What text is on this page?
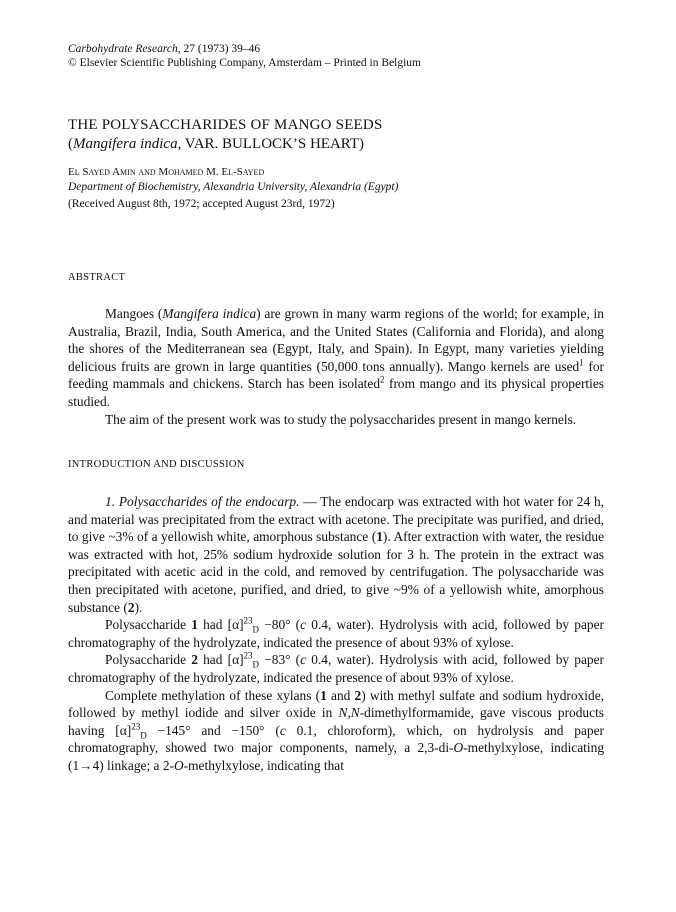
Carbohydrate Research, 27 (1973) 39–46
© Elsevier Scientific Publishing Company, Amsterdam – Printed in Belgium
THE POLYSACCHARIDES OF MANGO SEEDS
(Mangifera indica, VAR. BULLOCK’S HEART)
El Sayed Amin and Mohamed M. El-Sayed
Department of Biochemistry, Alexandria University, Alexandria (Egypt)
(Received August 8th, 1972; accepted August 23rd, 1972)
ABSTRACT

Mangoes (Mangifera indica) are grown in many warm regions of the world; for example, in Australia, Brazil, India, South America, and the United States (California and Florida), and along the shores of the Mediterranean sea (Egypt, Italy, and Spain). In Egypt, many varieties yielding delicious fruits are grown in large quantities (50,000 tons annually). Mango kernels are used$^1$ for feeding mammals and chickens. Starch has been isolated$^2$ from mango and its physical properties studied.

The aim of the present work was to study the polysaccharides present in mango kernels.

INTRODUCTION AND DISCUSSION

1. Polysaccharides of the endocarp. — The endocarp was extracted with hot water for 24 h, and material was precipitated from the extract with acetone. The precipitate was purified, and dried, to give ~3% of a yellowish white, amorphous substance (1). After extraction with water, the residue was extracted with hot, 25% sodium hydroxide solution for 3 h. The protein in the extract was precipitated with acetic acid in the cold, and removed by centrifugation. The polysaccharide was then precipitated with acetone, purified, and dried, to give ~9% of a yellowish white, amorphous substance (2).

Polysaccharide 1 had $[\alpha]^{23}_D -80^\circ$ (c 0.4, water). Hydrolysis with acid, followed by paper chromatography of the hydrolyzate, indicated the presence of about 93% of xylose.

Polysaccharide 2 had $[\alpha]^{23}_D -83^\circ$ (c 0.4, water). Hydrolysis with acid, followed by paper chromatography of the hydrolyzate, indicated the presence of about 93% of xylose.

Complete methylation of these xylans (1 and 2) with methyl sulfate and sodium hydroxide, followed by methyl iodide and silver oxide in N,N-dimethylformamide, gave viscous products having $[\alpha]^{23}_D -145^\circ$ and −150° (c 0.1, chloroform), which, on hydrolysis and paper chromatography, showed two major components, namely, a 2,3-di-O-methylxylose, indicating (1→4) linkage; a 2-O-methylxylose, indicating that
